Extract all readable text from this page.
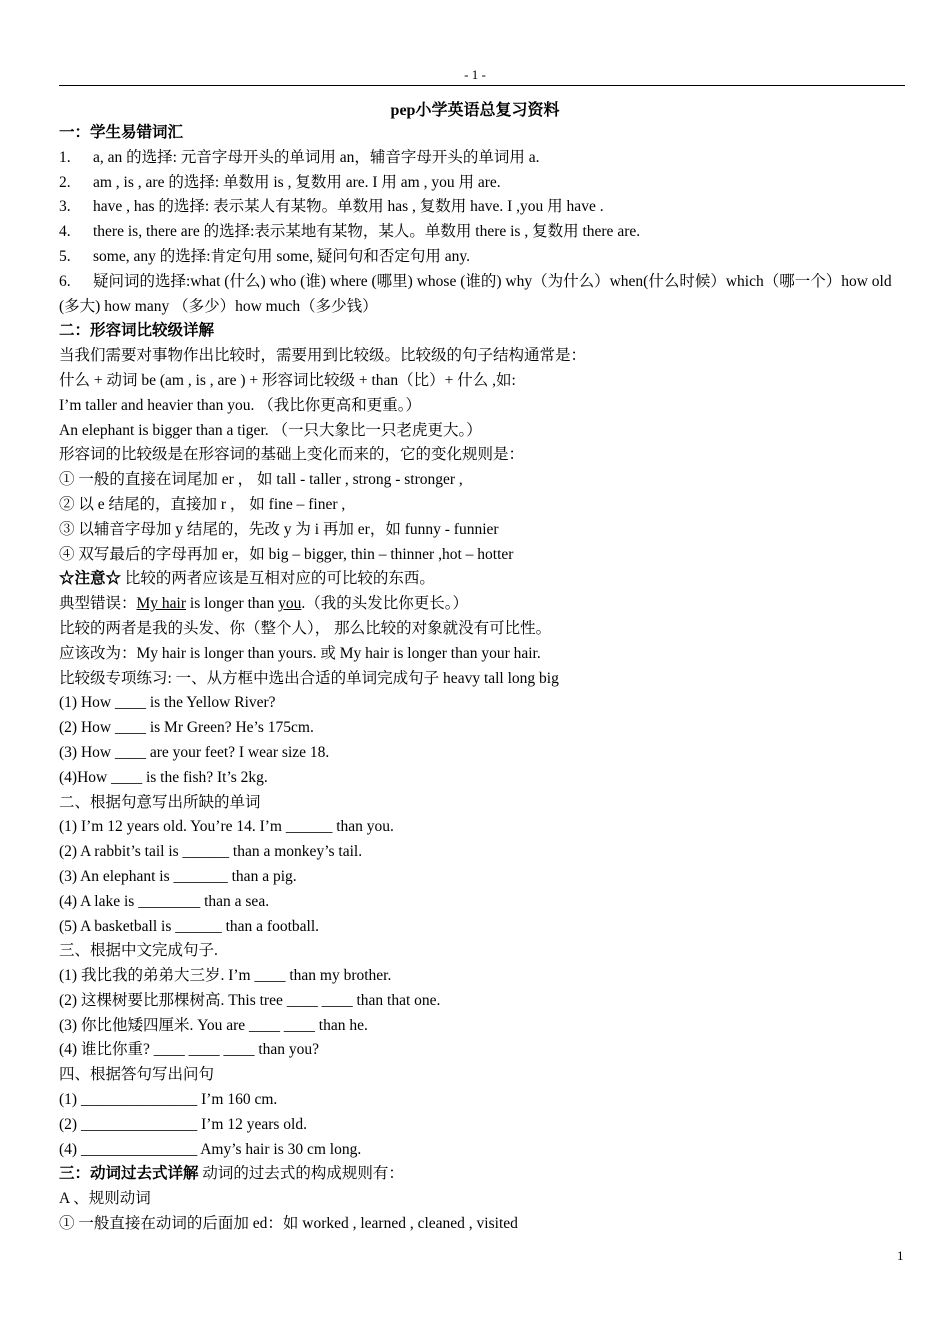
- 1 -
pep小学英语总复习资料
一：学生易错词汇
1. a, an 的选择: 元音字母开头的单词用 an，辅音字母开头的单词用 a.
2. am , is , are 的选择: 单数用 is , 复数用 are. I 用 am , you 用 are.
3. have , has 的选择: 表示某人有某物。单数用 has , 复数用 have. I ,you 用 have .
4. there is, there are 的选择:表示某地有某物，某人。单数用 there is , 复数用 there are.
5. some, any 的选择:肯定句用 some, 疑问句和否定句用 any.
6. 疑问词的选择:what (什么) who (谁) where (哪里) whose (谁的) why（为什么）when(什么时候）which（哪一个）how old (多大) how many （多少）how much（多少钱）
二：形容词比较级详解
当我们需要对事物作出比较时，需要用到比较级。比较级的句子结构通常是：
什么 + 动词 be (am , is , are ) + 形容词比较级 + than（比）+ 什么 ,如:
I’m taller and heavier than you. （我比你更高和更重。）
An elephant is bigger than a tiger. （一只大象比一只老虎更大。）
形容词的比较级是在形容词的基础上变化而来的，它的变化规则是：
① 一般的直接在词尾加 er ， 如 tall - taller , strong - stronger ,
② 以 e 结尾的，直接加 r ， 如 fine – finer ,
③ 以辅音字母加 y 结尾的，先改 y 为 i 再加 er，如 funny - funnier
④ 双写最后的字母再加 er，如 big – bigger, thin – thinner ,hot – hotter
☆注意☆ 比较的两者应该是互相对应的可比较的东西。
典型错误：My hair is longer than you.（我的头发比你更长。）
比较的两者是我的头发、你（整个人）， 那么比较的对象就没有可比性。
应该改为：My hair is longer than yours. 或 My hair is longer than your hair.
比较级专项练习: 一、从方框中选出合适的单词完成句子 heavy tall long big
(1) How ____ is the Yellow River?
(2) How ____ is Mr Green? He’s 175cm.
(3) How ____ are your feet? I wear size 18.
(4)How ____ is the fish? It’s 2kg.
二、根据句意写出所缺的单词
(1) I’m 12 years old. You’re 14. I’m ______ than you.
(2) A rabbit’s tail is ______ than a monkey’s tail.
(3) An elephant is _______ than a pig.
(4) A lake is ________ than a sea.
(5) A basketball is ______ than a football.
三、根据中文完成句子.
(1) 我比我的弟弟大三岁. I’m ____ than my brother.
(2) 这棵树要比那棵树高. This tree ____ ____ than that one.
(3) 你比他矮四厘米. You are ____ ____ than he.
(4) 谁比你重? ____ ____ ____ than you?
四、根据答句写出问句
(1) _______________ I’m 160 cm.
(2) _______________ I’m 12 years old.
(4) _______________ Amy’s hair is 30 cm long.
三：动词过去式详解 动词的过去式的构成规则有：
A 、规则动词
① 一般直接在动词的后面加 ed：如 worked , learned , cleaned , visited
1
